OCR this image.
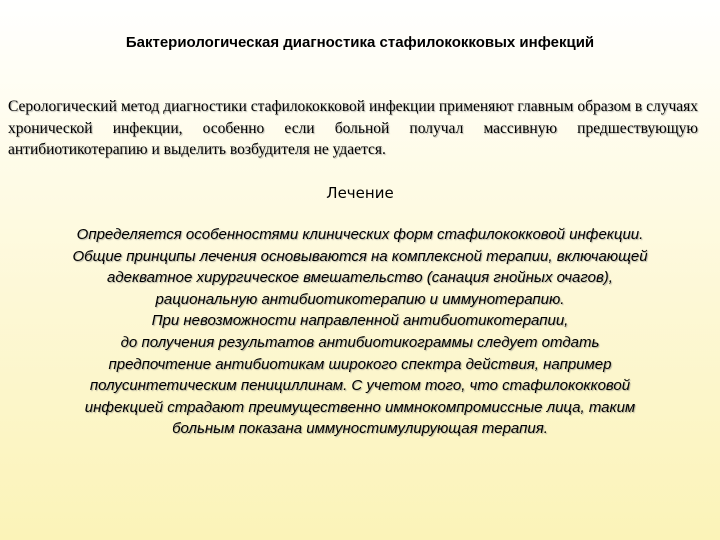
Бактериологическая диагностика стафилококковых инфекций
Серологический метод диагностики стафилококковой инфекции применяют главным образом в случаях хронической инфекции, особенно если больной получал массивную предшествующую антибиотикотерапию и выделить возбудителя не удается.
Лечение
Определяется особенностями клинических форм стафилококковой инфекции.
Общие принципы лечения основываются на комплексной терапии, включающей
адекватное хирургическое вмешательство (санация гнойных очагов),
рациональную антибиотикотерапию и иммунотерапию.
При невозможности направленной антибиотикотерапии,
до получения результатов антибиотикограммы следует отдать
предпочтение антибиотикам широкого спектра действия, например
полусинтетическим пенициллинам. С учетом того, что стафилококковой
инфекцией страдают преимущественно иммнокомпромиссные лица, таким
больным показана иммуностимулирующая терапия.
